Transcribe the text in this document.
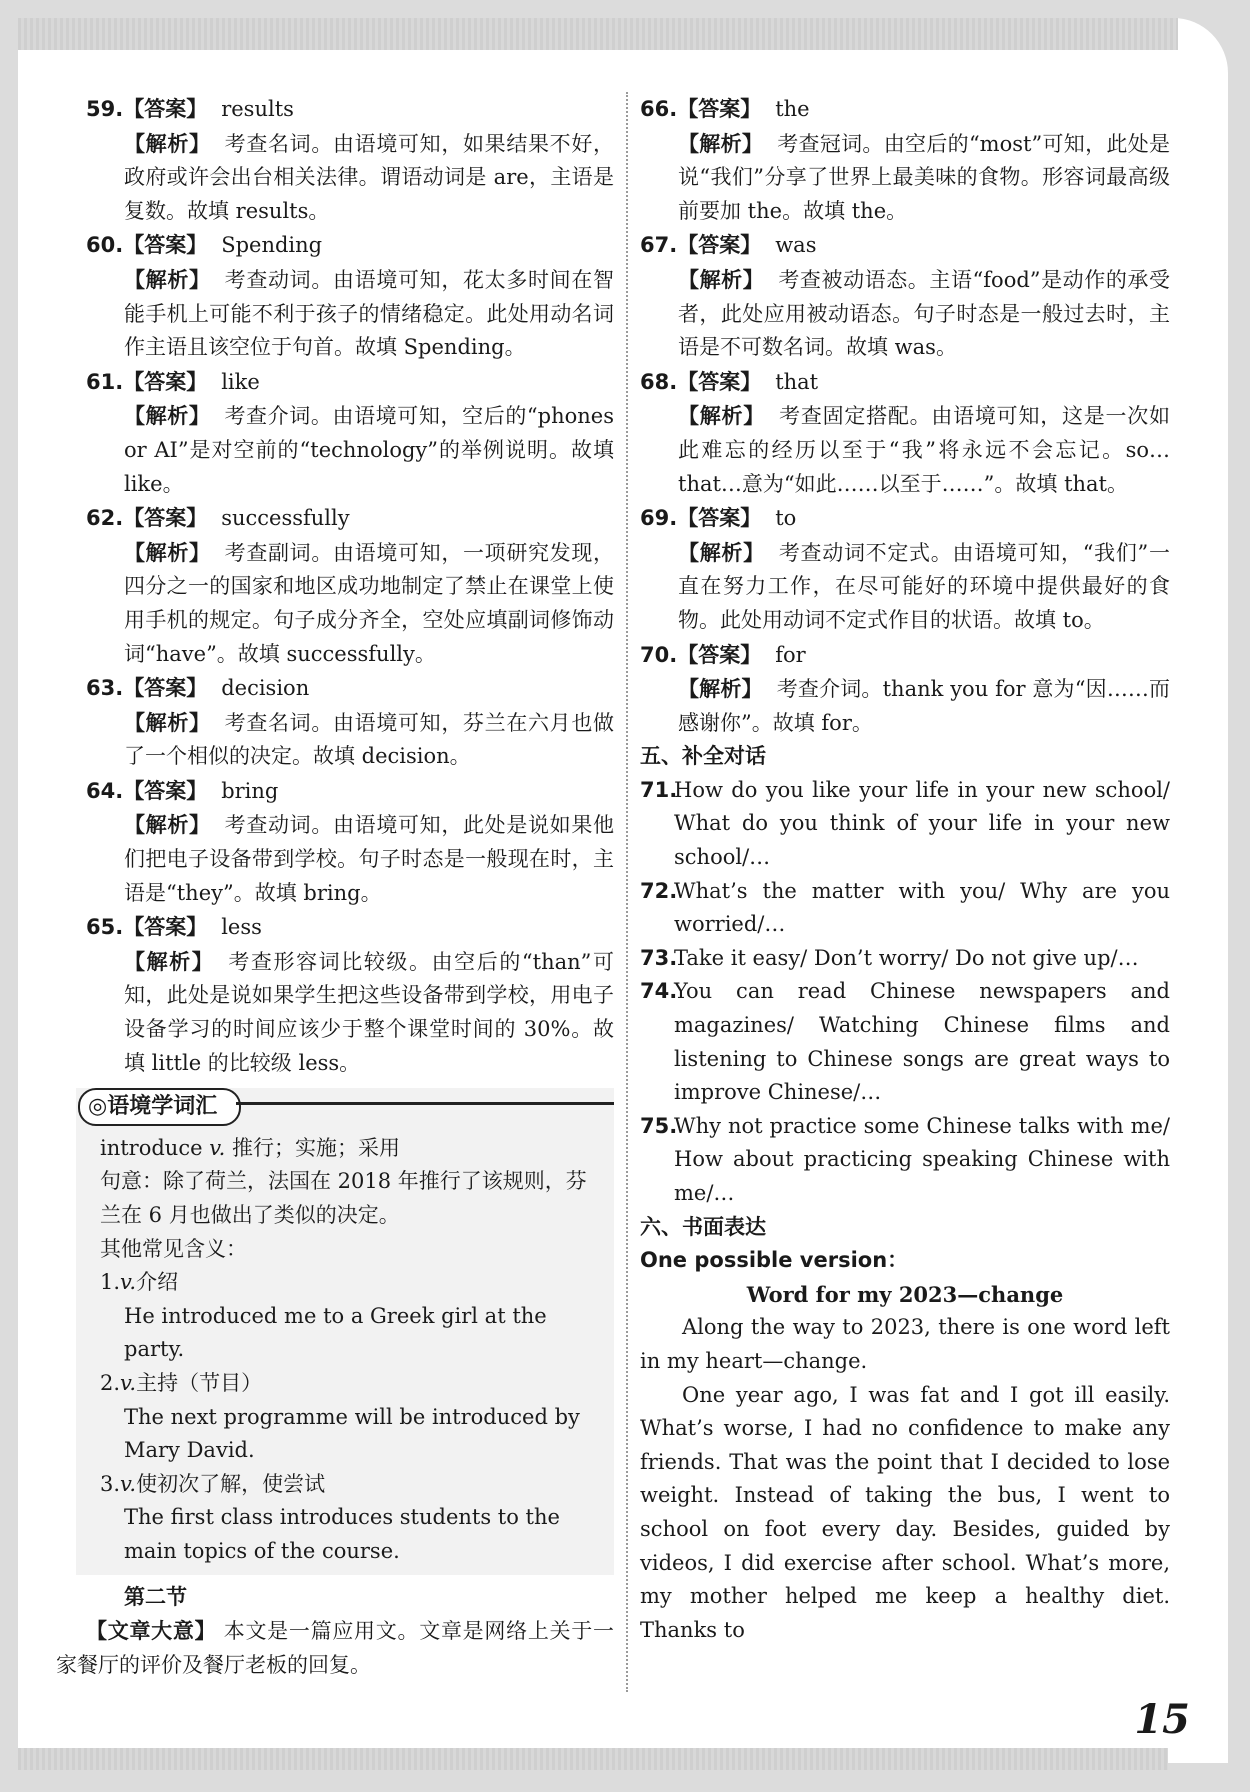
59.【答案】 results
【解析】 考查名词。由语境可知，如果结果不好，政府或许会出台相关法律。谓语动词是 are，主语是复数。故填 results。
60.【答案】 Spending
【解析】 考查动词。由语境可知，花太多时间在智能手机上可能不利于孩子的情绪稳定。此处用动名词作主语且该空位于句首。故填 Spending。
61.【答案】 like
【解析】 考查介词。由语境可知，空后的“phones or AI”是对空前的“technology”的举例说明。故填 like。
62.【答案】 successfully
【解析】 考查副词。由语境可知，一项研究发现，四分之一的国家和地区成功地制定了禁止在课堂上使用手机的规定。句子成分齐全，空处应填副词修饰动词“have”。故填 successfully。
63.【答案】 decision
【解析】 考查名词。由语境可知，芬兰在六月也做了一个相似的决定。故填 decision。
64.【答案】 bring
【解析】 考查动词。由语境可知，此处是说如果他们把电子设备带到学校。句子时态是一般现在时，主语是“they”。故填 bring。
65.【答案】 less
【解析】 考查形容词比较级。由空后的“than”可知，此处是说如果学生把这些设备带到学校，用电子设备学习的时间应该少于整个课堂时间的 30%。故填 little 的比较级 less。
◎语境学词汇
introduce v. 推行；实施；采用
句意：除了荷兰，法国在 2018 年推行了该规则，芬兰在 6 月也做出了类似的决定。
其他常见含义：
1.v.介绍
He introduced me to a Greek girl at the party.
2.v.主持（节目）
The next programme will be introduced by Mary David.
3.v.使初次了解，使尝试
The first class introduces students to the main topics of the course.
第二节
【文章大意】 本文是一篇应用文。文章是网络上关于一家餐厅的评价及餐厅老板的回复。
66.【答案】 the
【解析】 考查冠词。由空后的“most”可知，此处是说“我们”分享了世界上最美味的食物。形容词最高级前要加 the。故填 the。
67.【答案】 was
【解析】 考查被动语态。主语“food”是动作的承受者，此处应用被动语态。句子时态是一般过去时，主语是不可数名词。故填 was。
68.【答案】 that
【解析】 考查固定搭配。由语境可知，这是一次如此难忘的经历以至于“我”将永远不会忘记。so…that…意为“如此……以至于……”。故填 that。
69.【答案】 to
【解析】 考查动词不定式。由语境可知，“我们”一直在努力工作，在尽可能好的环境中提供最好的食物。此处用动词不定式作目的状语。故填 to。
70.【答案】 for
【解析】 考查介词。thank you for 意为“因……而感谢你”。故填 for。
五、补全对话
71.
How do you like your life in your new school/ What do you think of your life in your new school/…
72.
What’s the matter with you/ Why are you worried/…
73.
Take it easy/ Don’t worry/ Do not give up/…
74.
You can read Chinese newspapers and magazines/ Watching Chinese films and listening to Chinese songs are great ways to improve Chinese/…
75.
Why not practice some Chinese talks with me/ How about practicing speaking Chinese with me/…
六、书面表达
One possible version：
Word for my 2023—change
Along the way to 2023, there is one word left in my heart—change.
One year ago, I was fat and I got ill easily. What’s worse, I had no confidence to make any friends. That was the point that I decided to lose weight. Instead of taking the bus, I went to school on foot every day. Besides, guided by videos, I did exercise after school. What’s more, my mother helped me keep a healthy diet. Thanks to
15
